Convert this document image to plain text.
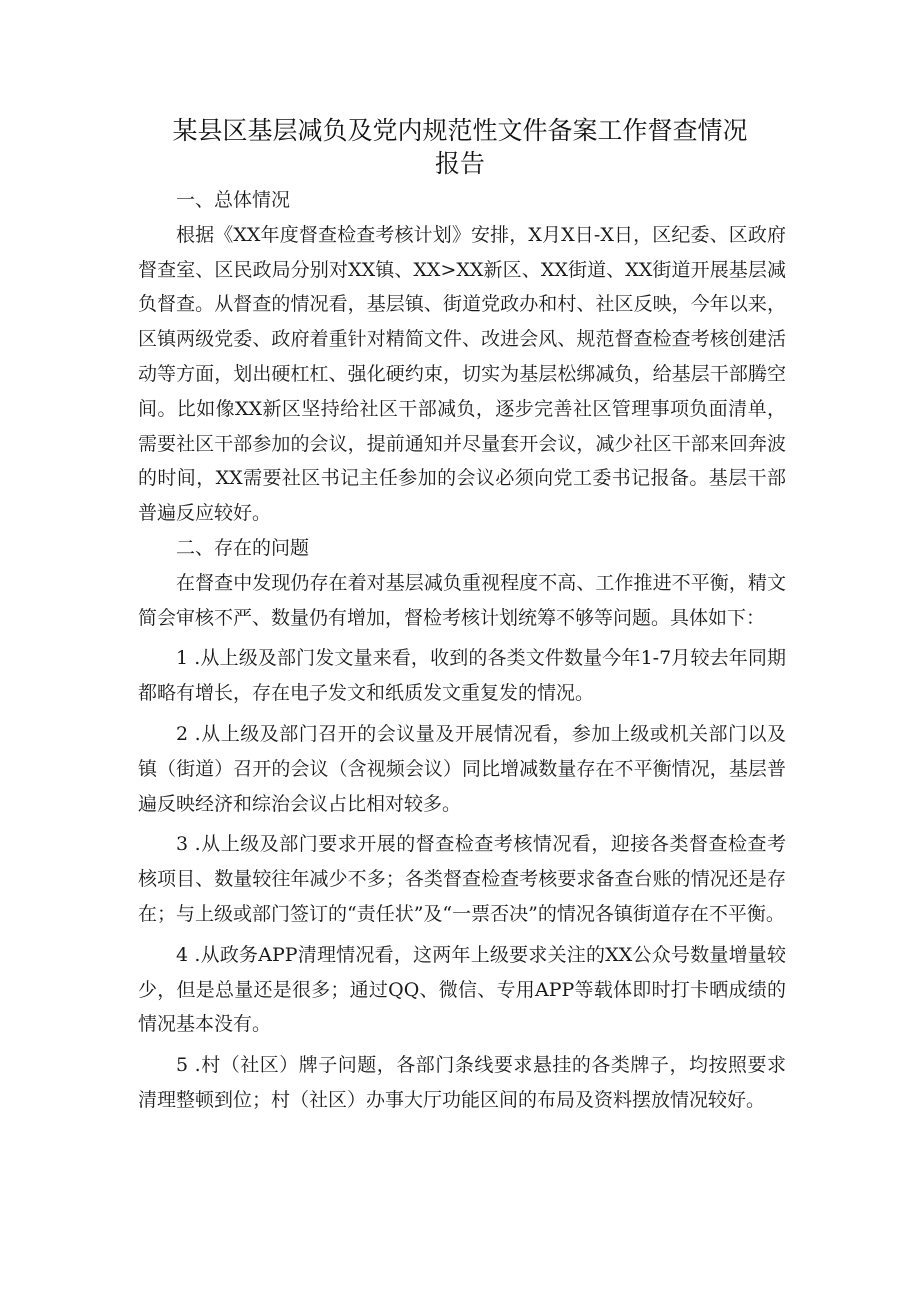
某县区基层减负及党内规范性文件备案工作督查情况
报告

一、总体情况

根据《XX年度督查检查考核计划》安排，X月X日-X日，区纪委、区政府督查室、区民政局分别对XX镇、XX>XX新区、XX街道、XX街道开展基层减负督查。从督查的情况看，基层镇、街道党政办和村、社区反映，今年以来，区镇两级党委、政府着重针对精简文件、改进会风、规范督查检查考核创建活动等方面，划出硬杠杠、强化硬约束，切实为基层松绑减负，给基层干部腾空间。比如像XX新区坚持给社区干部减负，逐步完善社区管理事项负面清单，需要社区干部参加的会议，提前通知并尽量套开会议，减少社区干部来回奔波的时间，XX需要社区书记主任参加的会议必须向党工委书记报备。基层干部普遍反应较好。

二、存在的问题

在督查中发现仍存在着对基层减负重视程度不高、工作推进不平衡，精文简会审核不严、数量仍有增加，督检考核计划统筹不够等问题。具体如下：

1 .从上级及部门发文量来看，收到的各类文件数量今年1-7月较去年同期都略有增长，存在电子发文和纸质发文重复发的情况。

2 .从上级及部门召开的会议量及开展情况看，参加上级或机关部门以及镇（街道）召开的会议（含视频会议）同比增减数量存在不平衡情况，基层普遍反映经济和综治会议占比相对较多。

3 .从上级及部门要求开展的督查检查考核情况看，迎接各类督查检查考核项目、数量较往年减少不多；各类督查检查考核要求备查台账的情况还是存在；与上级或部门签订的“责任状”及“一票否决”的情况各镇街道存在不平衡。

4 .从政务APP清理情况看，这两年上级要求关注的XX公众号数量增量较少，但是总量还是很多；通过QQ、微信、专用APP等载体即时打卡晒成绩的情况基本没有。

5 .村（社区）牌子问题，各部门条线要求悬挂的各类牌子，均按照要求清理整顿到位；村（社区）办事大厅功能区间的布局及资料摆放情况较好。
